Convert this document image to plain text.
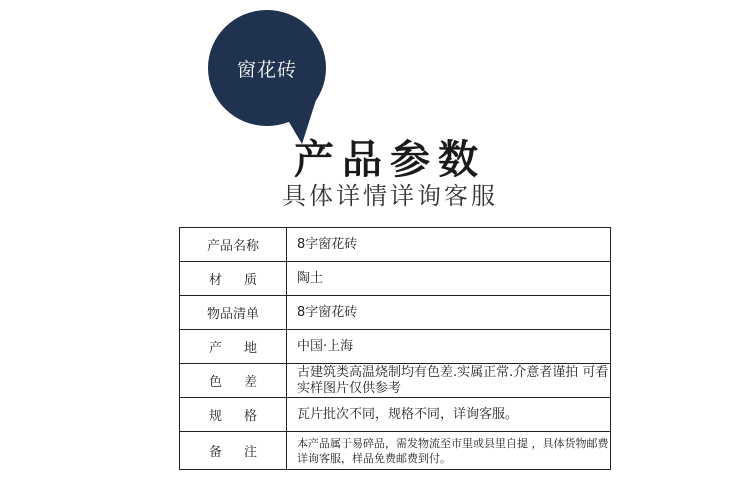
窗花砖
产品参数
具体详情详询客服
产品名称	8字窗花砖
材质	陶土
物品清单	8字窗花砖
产地	中国·上海
色差	古建筑类高温烧制均有色差.实属正常.介意者谨拍 可看实样图片仅供参考
规格	瓦片批次不同，规格不同，详询客服。
备注	本产品属于易碎品，需发物流至市里或县里自提 ，具体货物邮费详询客服，样品免费邮费到付。
